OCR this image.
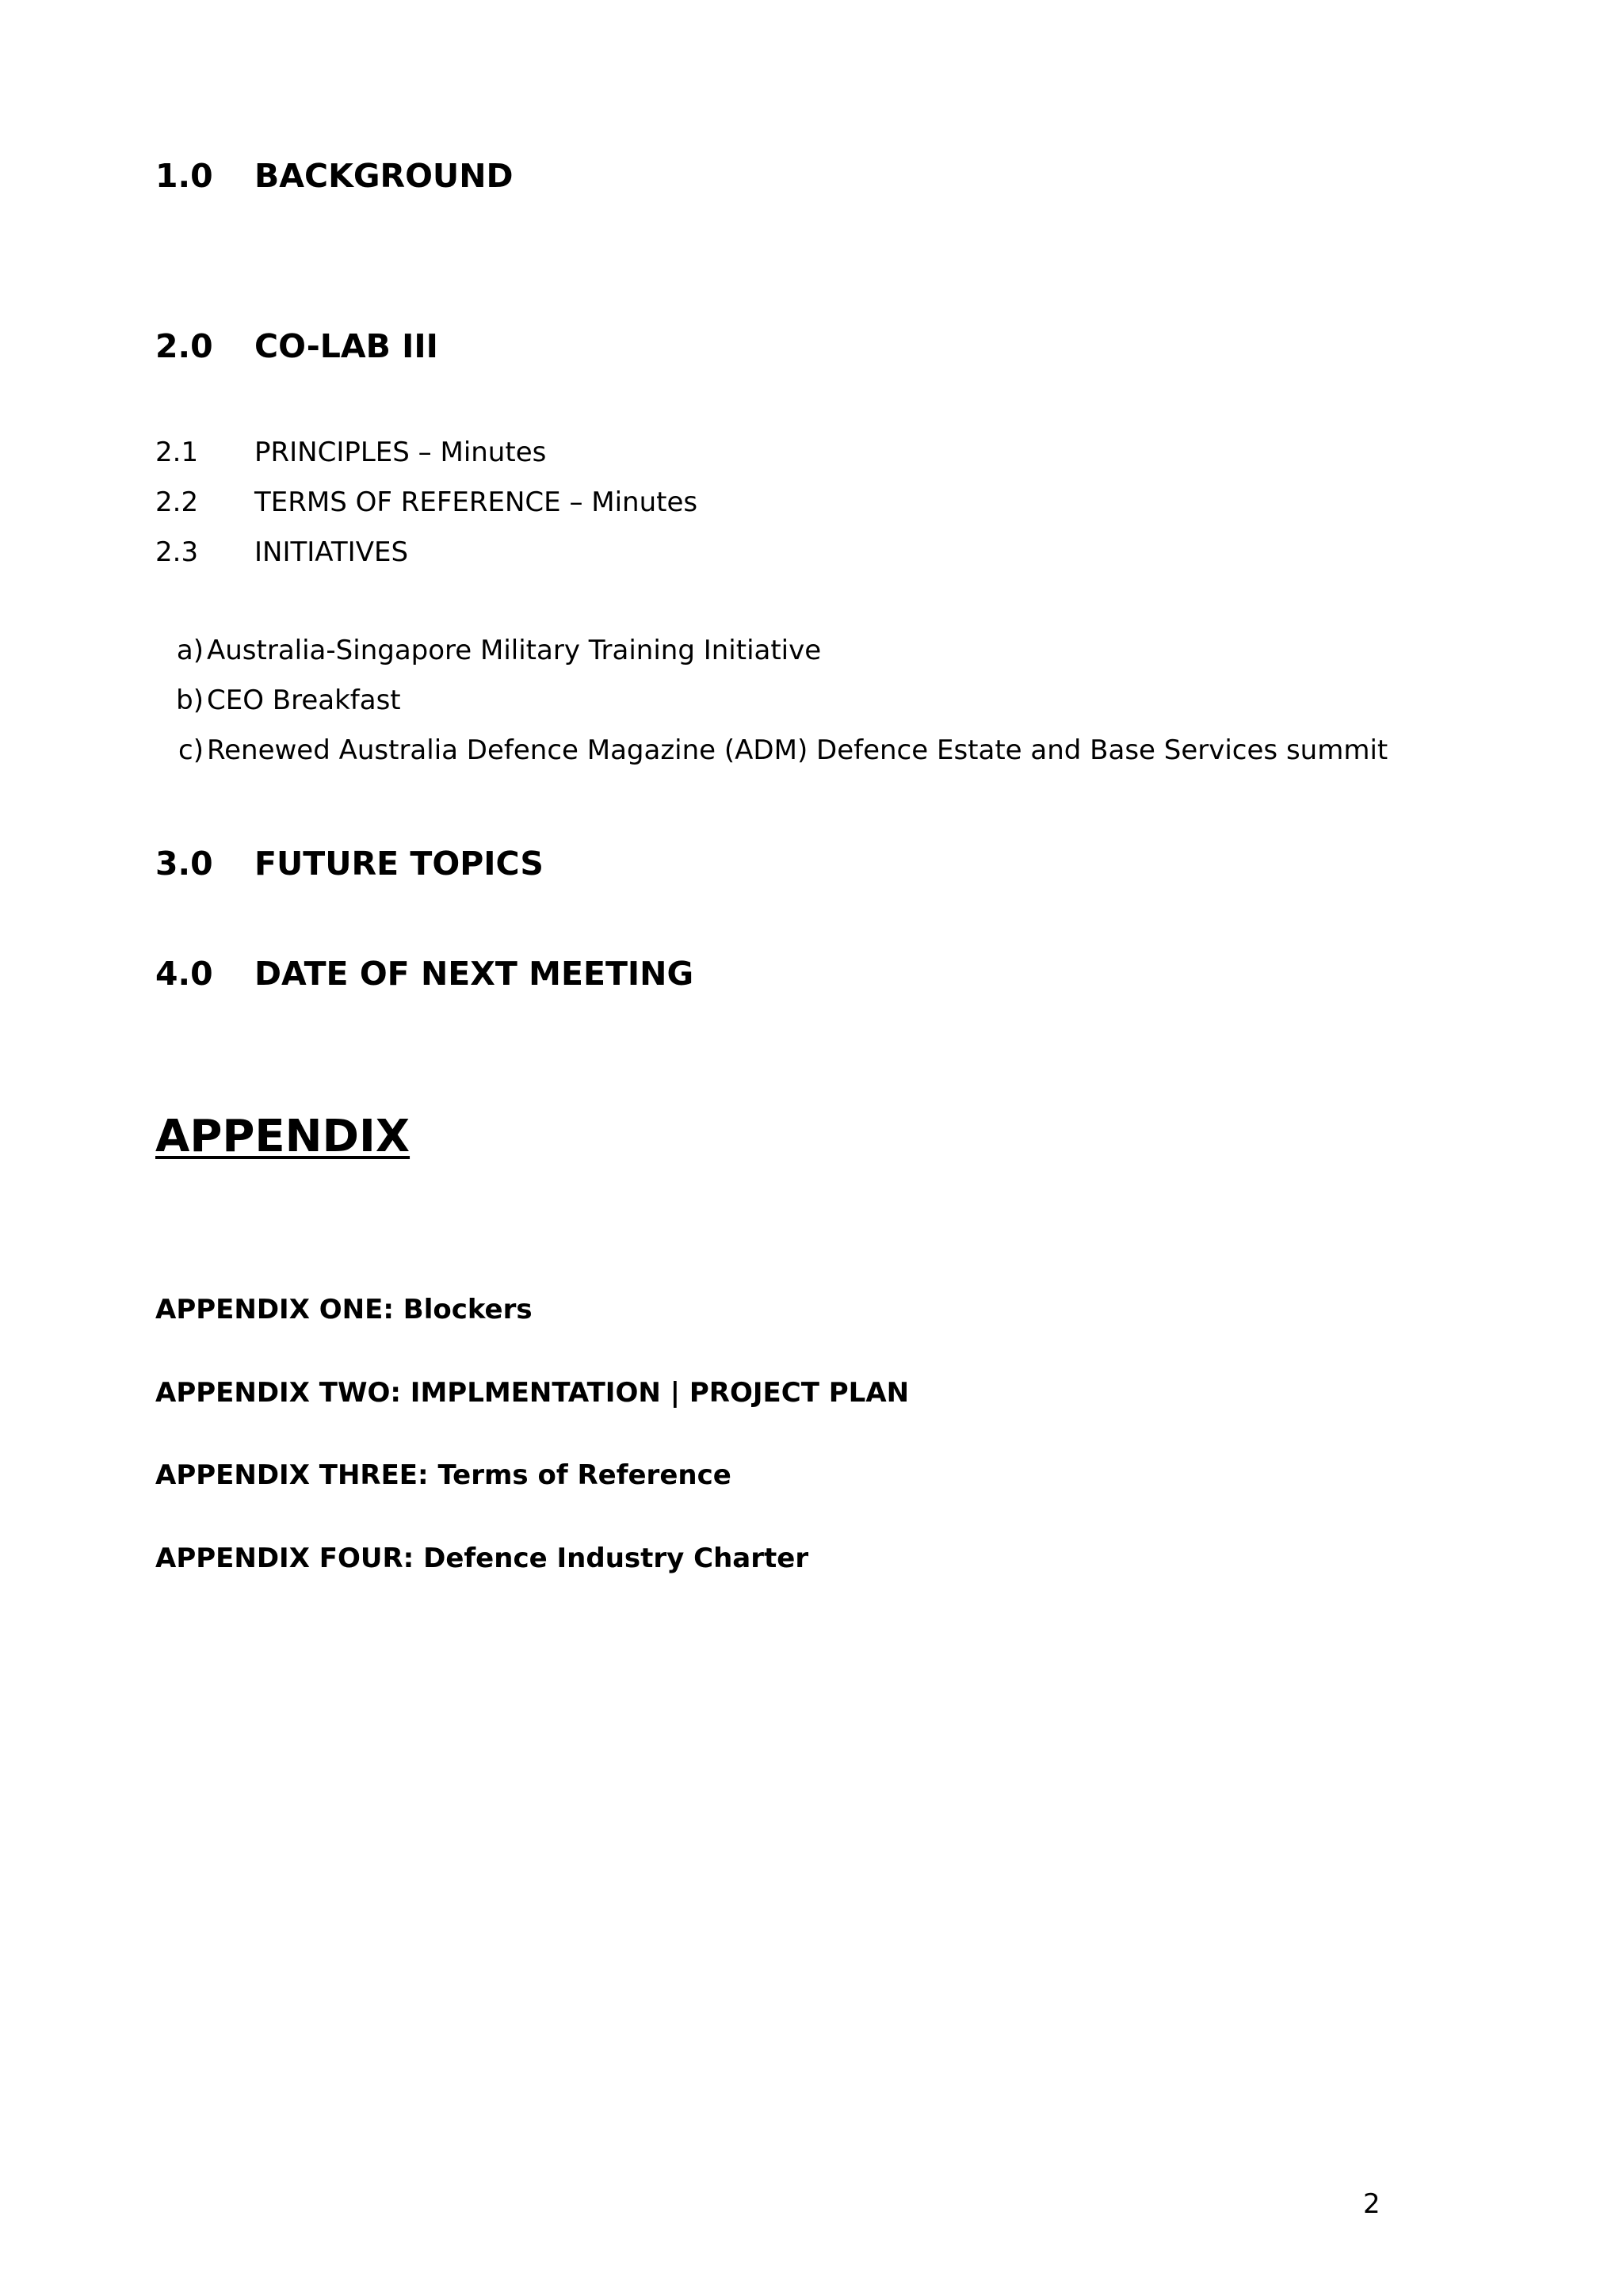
1.0 BACKGROUND
2.0 CO-LAB III
2.1 PRINCIPLES – Minutes
2.2 TERMS OF REFERENCE – Minutes
2.3 INITIATIVES
a) Australia-Singapore Military Training Initiative
b) CEO Breakfast
c) Renewed Australia Defence Magazine (ADM) Defence Estate and Base Services summit
3.0 FUTURE TOPICS
4.0 DATE OF NEXT MEETING
APPENDIX
APPENDIX ONE: Blockers
APPENDIX TWO: IMPLMENTATION | PROJECT PLAN
APPENDIX THREE: Terms of Reference
APPENDIX FOUR: Defence Industry Charter
2
